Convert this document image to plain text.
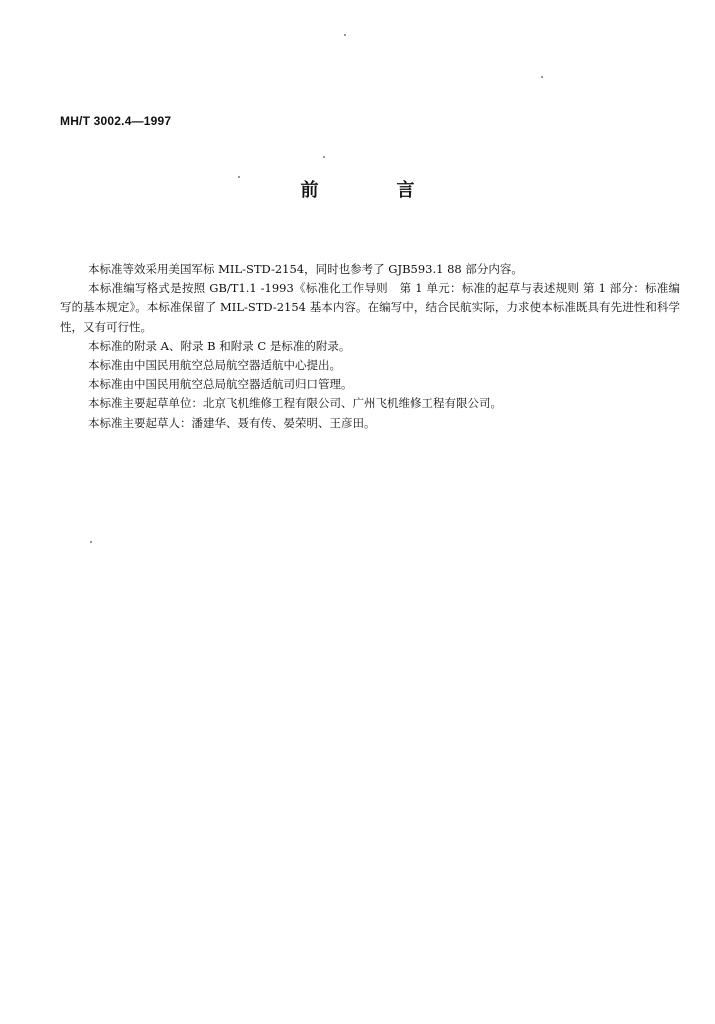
MH/T 3002.4—1997
前　言

本标准等效采用美国军标 MIL-STD-2154，同时也参考了 GJB593.1 88 部分内容。

本标准编写格式是按照 GB/T1.1 -1993《标准化工作导则　第 1 单元：标准的起草与表述规则 第 1 部分：标准编写的基本规定》。本标准保留了 MIL-STD-2154 基本内容。在编写中，结合民航实际，力求使本标准既具有先进性和科学性，又有可行性。

本标准的附录 A、附录 B 和附录 C 是标准的附录。

本标准由中国民用航空总局航空器适航中心提出。

本标准由中国民用航空总局航空器适航司归口管理。

本标准主要起草单位：北京飞机维修工程有限公司、广州飞机维修工程有限公司。

本标准主要起草人：潘建华、聂有传、晏荣明、王彦田。
